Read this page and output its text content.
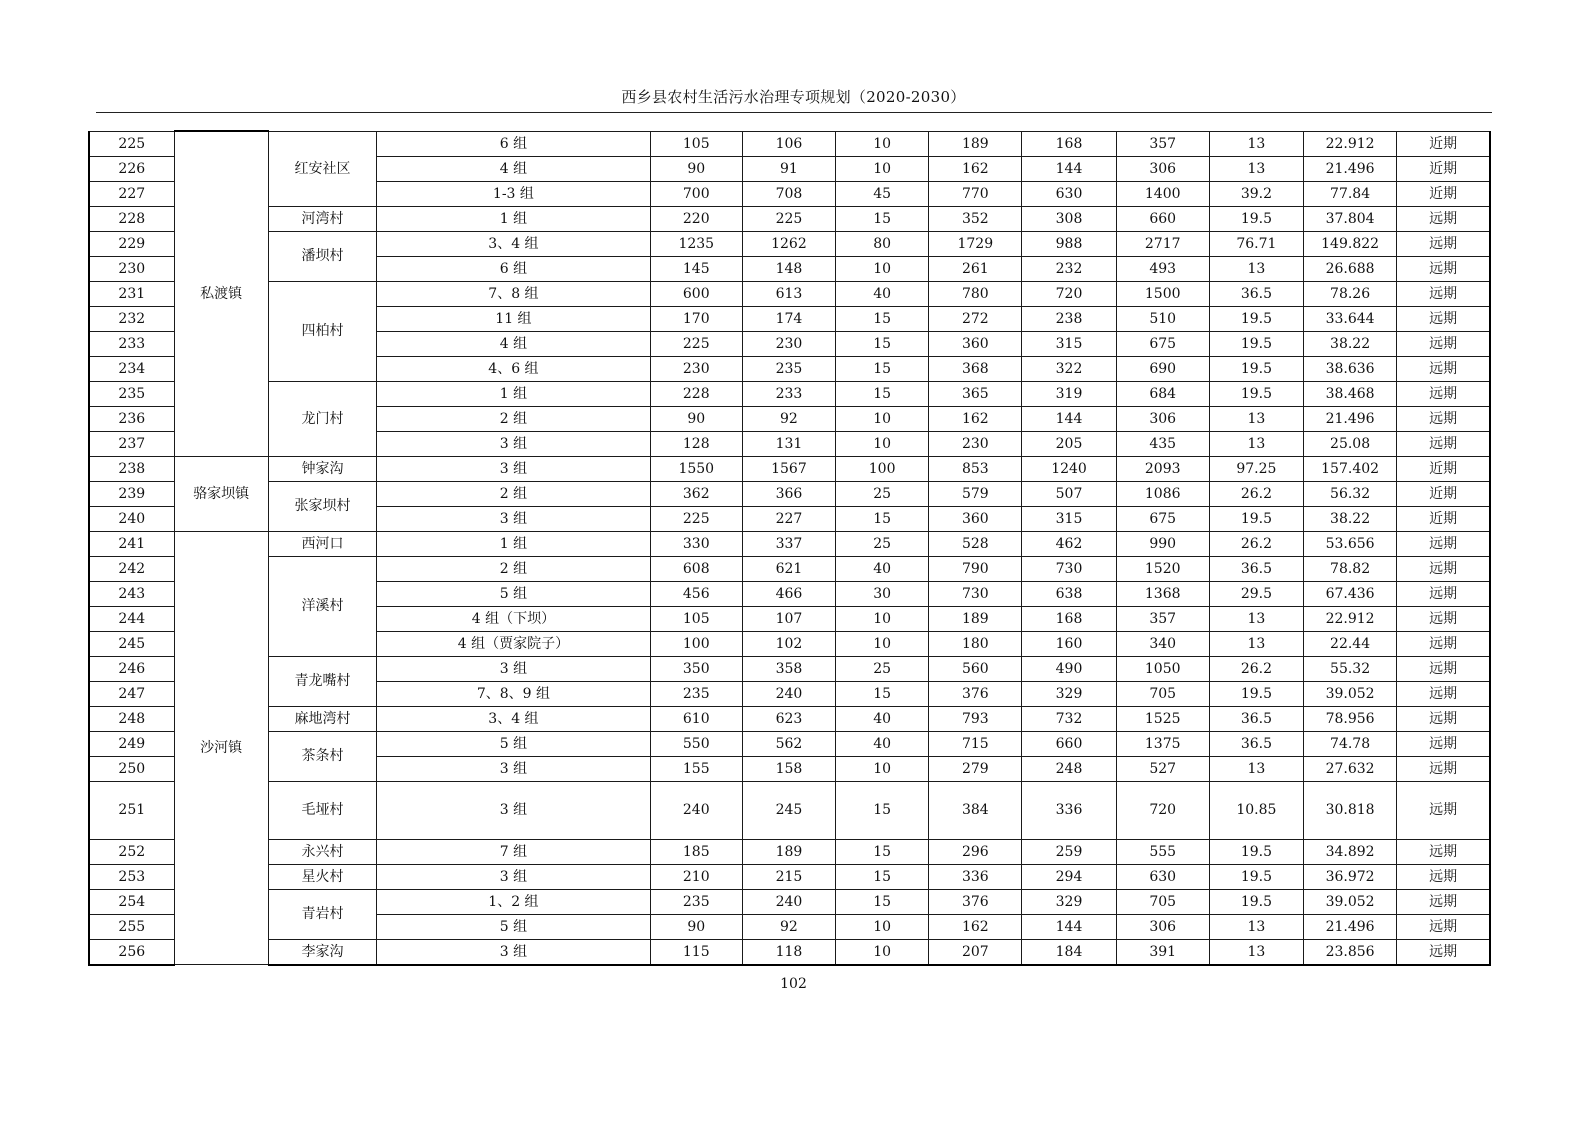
西乡县农村生活污水治理专项规划（2020-2030）
225	私渡镇	红安社区	6 组	105	106	10	189	168	357	13	22.912	近期
226			4 组	90	91	10	162	144	306	13	21.496	近期
227			1-3 组	700	708	45	770	630	1400	39.2	77.84	近期
228		河湾村	1 组	220	225	15	352	308	660	19.5	37.804	远期
229		潘坝村	3、4 组	1235	1262	80	1729	988	2717	76.71	149.822	远期
230			6 组	145	148	10	261	232	493	13	26.688	远期
231		四柏村	7、8 组	600	613	40	780	720	1500	36.5	78.26	远期
232			11 组	170	174	15	272	238	510	19.5	33.644	远期
233			4 组	225	230	15	360	315	675	19.5	38.22	远期
234			4、6 组	230	235	15	368	322	690	19.5	38.636	远期
235		龙门村	1 组	228	233	15	365	319	684	19.5	38.468	远期
236			2 组	90	92	10	162	144	306	13	21.496	远期
237			3 组	128	131	10	230	205	435	13	25.08	远期
238	骆家坝镇	钟家沟	3 组	1550	1567	100	853	1240	2093	97.25	157.402	近期
239		张家坝村	2 组	362	366	25	579	507	1086	26.2	56.32	近期
240			3 组	225	227	15	360	315	675	19.5	38.22	近期
241	沙河镇	西河口	1 组	330	337	25	528	462	990	26.2	53.656	远期
242		洋溪村	2 组	608	621	40	790	730	1520	36.5	78.82	远期
243			5 组	456	466	30	730	638	1368	29.5	67.436	远期
244			4 组（下坝）	105	107	10	189	168	357	13	22.912	远期
245			4 组（贾家院子）	100	102	10	180	160	340	13	22.44	远期
246		青龙嘴村	3 组	350	358	25	560	490	1050	26.2	55.32	远期
247			7、8、9 组	235	240	15	376	329	705	19.5	39.052	远期
248		麻地湾村	3、4 组	610	623	40	793	732	1525	36.5	78.956	远期
249		茶条村	5 组	550	562	40	715	660	1375	36.5	74.78	远期
250			3 组	155	158	10	279	248	527	13	27.632	远期
251		毛垭村	3 组	240	245	15	384	336	720	10.85	30.818	远期
252		永兴村	7 组	185	189	15	296	259	555	19.5	34.892	远期
253		星火村	3 组	210	215	15	336	294	630	19.5	36.972	远期
254		青岩村	1、2 组	235	240	15	376	329	705	19.5	39.052	远期
255			5 组	90	92	10	162	144	306	13	21.496	远期
256		李家沟	3 组	115	118	10	207	184	391	13	23.856	远期
102
